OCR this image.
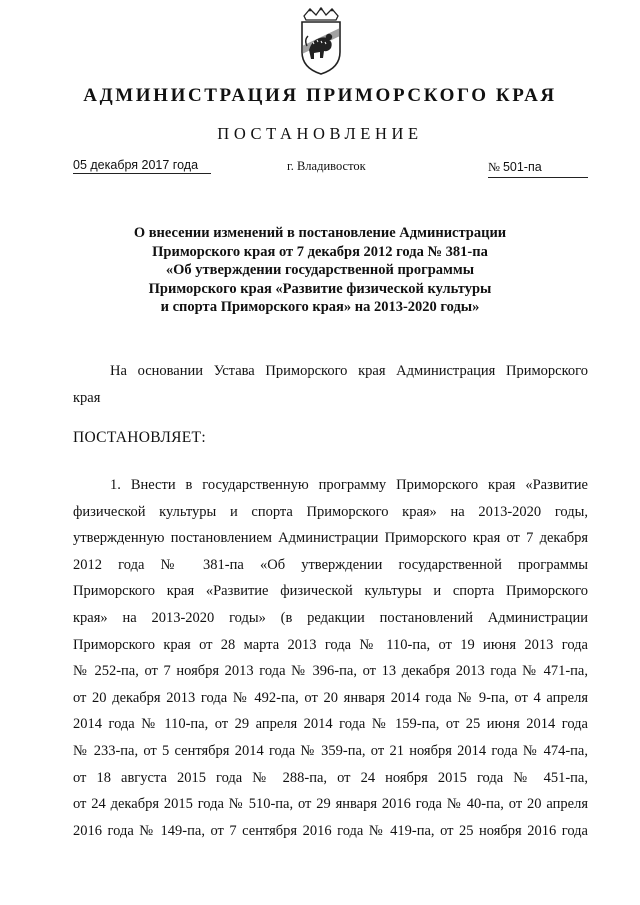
АДМИНИСТРАЦИЯ ПРИМОРСКОГО КРАЯ
ПОСТАНОВЛЕНИЕ
05 декабря 2017 года	г. Владивосток	№ 501-па
О внесении изменений в постановление Администрации
Приморского края от 7 декабря 2012 года № 381-па
«Об утверждении государственной программы
Приморского края «Развитие физической культуры
и спорта Приморского края» на 2013-2020 годы»
На основании Устава Приморского края Администрация Приморского
края
ПОСТАНОВЛЯЕТ:
1. Внести в государственную программу Приморского края «Развитие
физической культуры и спорта Приморского края» на 2013-2020 годы,
утвержденную постановлением Администрации Приморского края от 7 декабря
2012 года № 381-па «Об утверждении государственной программы
Приморского края «Развитие физической культуры и спорта Приморского
края» на 2013-2020 годы» (в редакции постановлений Администрации
Приморского края от 28 марта 2013 года № 110-па, от 19 июня 2013 года
№ 252-па, от 7 ноября 2013 года № 396-па, от 13 декабря 2013 года № 471-па,
от 20 декабря 2013 года № 492-па, от 20 января 2014 года № 9-па, от 4 апреля
2014 года № 110-па, от 29 апреля 2014 года № 159-па, от 25 июня 2014 года
№ 233-па, от 5 сентября 2014 года № 359-па, от 21 ноября 2014 года № 474-па,
от 18 августа 2015 года № 288-па, от 24 ноября 2015 года № 451-па,
от 24 декабря 2015 года № 510-па, от 29 января 2016 года № 40-па, от 20 апреля
2016 года № 149-па, от 7 сентября 2016 года № 419-па, от 25 ноября 2016 года
